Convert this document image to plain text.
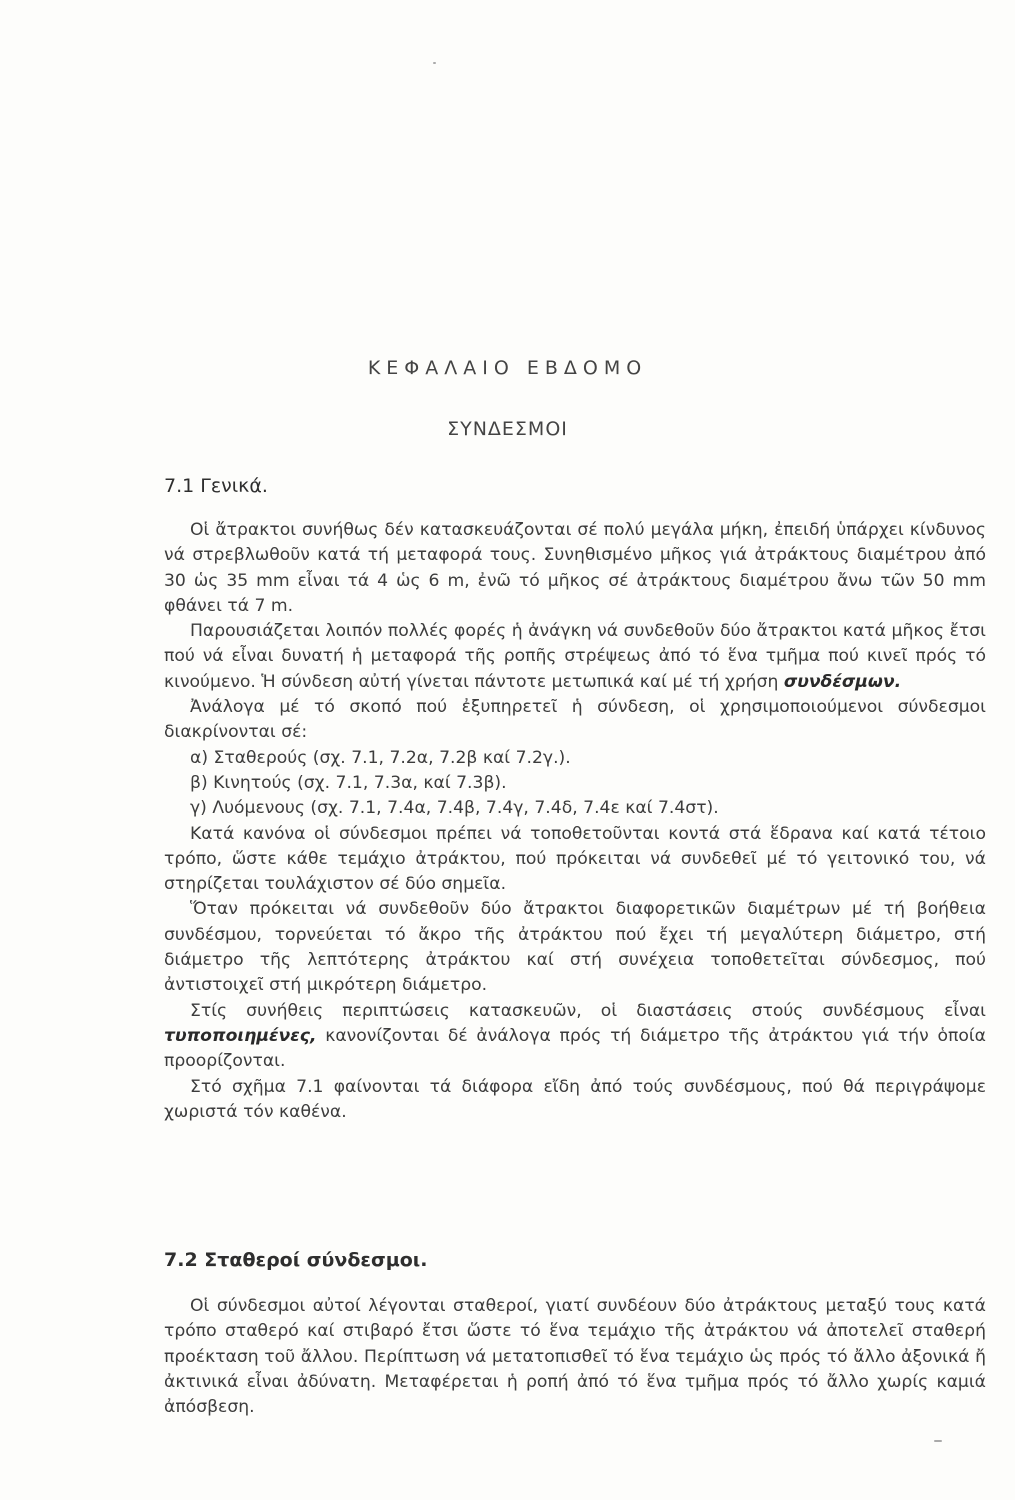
ΚΕΦΑΛΑΙΟ ΕΒΔΟΜΟ
ΣΥΝΔΕΣΜΟΙ
7.1 Γενικά.

Οἱ ἄτρακτοι συνήθως δέν κατασκευάζονται σέ πολύ μεγάλα μήκη, ἐπειδή ὑπάρχει κίνδυνος νά στρεβλωθοῦν κατά τή μεταφορά τους. Συνηθισμένο μῆκος γιά ἀτράκτους διαμέτρου ἀπό 30 ὡς 35 mm εἶναι τά 4 ὡς 6 m, ἐνῶ τό μῆκος σέ ἀτράκτους διαμέτρου ἄνω τῶν 50 mm φθάνει τά 7 m.

Παρουσιάζεται λοιπόν πολλές φορές ἡ ἀνάγκη νά συνδεθοῦν δύο ἄτρακτοι κατά μῆκος ἔτσι πού νά εἶναι δυνατή ἡ μεταφορά τῆς ροπῆς στρέψεως ἀπό τό ἕνα τμῆμα πού κινεῖ πρός τό κινούμενο. Ἡ σύνδεση αὐτή γίνεται πάντοτε μετωπικά καί μέ τή χρήση συνδέσμων.

Ἀνάλογα μέ τό σκοπό πού ἐξυπηρετεῖ ἡ σύνδεση, οἱ χρησιμοποιούμενοι σύνδεσμοι διακρίνονται σέ:

α) Σταθερούς (σχ. 7.1, 7.2α, 7.2β καί 7.2γ.).

β) Κινητούς (σχ. 7.1, 7.3α, καί 7.3β).

γ) Λυόμενους (σχ. 7.1, 7.4α, 7.4β, 7.4γ, 7.4δ, 7.4ε καί 7.4στ).

Κατά κανόνα οἱ σύνδεσμοι πρέπει νά τοποθετοῦνται κοντά στά ἕδρανα καί κατά τέτοιο τρόπο, ὥστε κάθε τεμάχιο ἀτράκτου, πού πρόκειται νά συνδεθεῖ μέ τό γειτονικό του, νά στηρίζεται τουλάχιστον σέ δύο σημεῖα.

Ὅταν πρόκειται νά συνδεθοῦν δύο ἄτρακτοι διαφορετικῶν διαμέτρων μέ τή βοήθεια συνδέσμου, τορνεύεται τό ἄκρο τῆς ἀτράκτου πού ἔχει τή μεγαλύτερη διάμετρο, στή διάμετρο τῆς λεπτότερης ἀτράκτου καί στή συνέχεια τοποθετεῖται σύνδεσμος, πού ἀντιστοιχεῖ στή μικρότερη διάμετρο.

Στίς συνήθεις περιπτώσεις κατασκευῶν, οἱ διαστάσεις στούς συνδέσμους εἶναι τυποποιημένες, κανονίζονται δέ ἀνάλογα πρός τή διάμετρο τῆς ἀτράκτου γιά τήν ὁποία προορίζονται.

Στό σχῆμα 7.1 φαίνονται τά διάφορα εἴδη ἀπό τούς συνδέσμους, πού θά περιγράψομε χωριστά τόν καθένα.

7.2 Σταθεροί σύνδεσμοι.

Οἱ σύνδεσμοι αὐτοί λέγονται σταθεροί, γιατί συνδέουν δύο ἀτράκτους μεταξύ τους κατά τρόπο σταθερό καί στιβαρό ἔτσι ὥστε τό ἕνα τεμάχιο τῆς ἀτράκτου νά ἀποτελεῖ σταθερή προέκταση τοῦ ἄλλου. Περίπτωση νά μετατοπισθεῖ τό ἕνα τεμάχιο ὡς πρός τό ἄλλο ἀξονικά ἤ ἀκτινικά εἶναι ἀδύνατη. Μεταφέρεται ἡ ροπή ἀπό τό ἕνα τμῆμα πρός τό ἄλλο χωρίς καμιά ἀπόσβεση.
